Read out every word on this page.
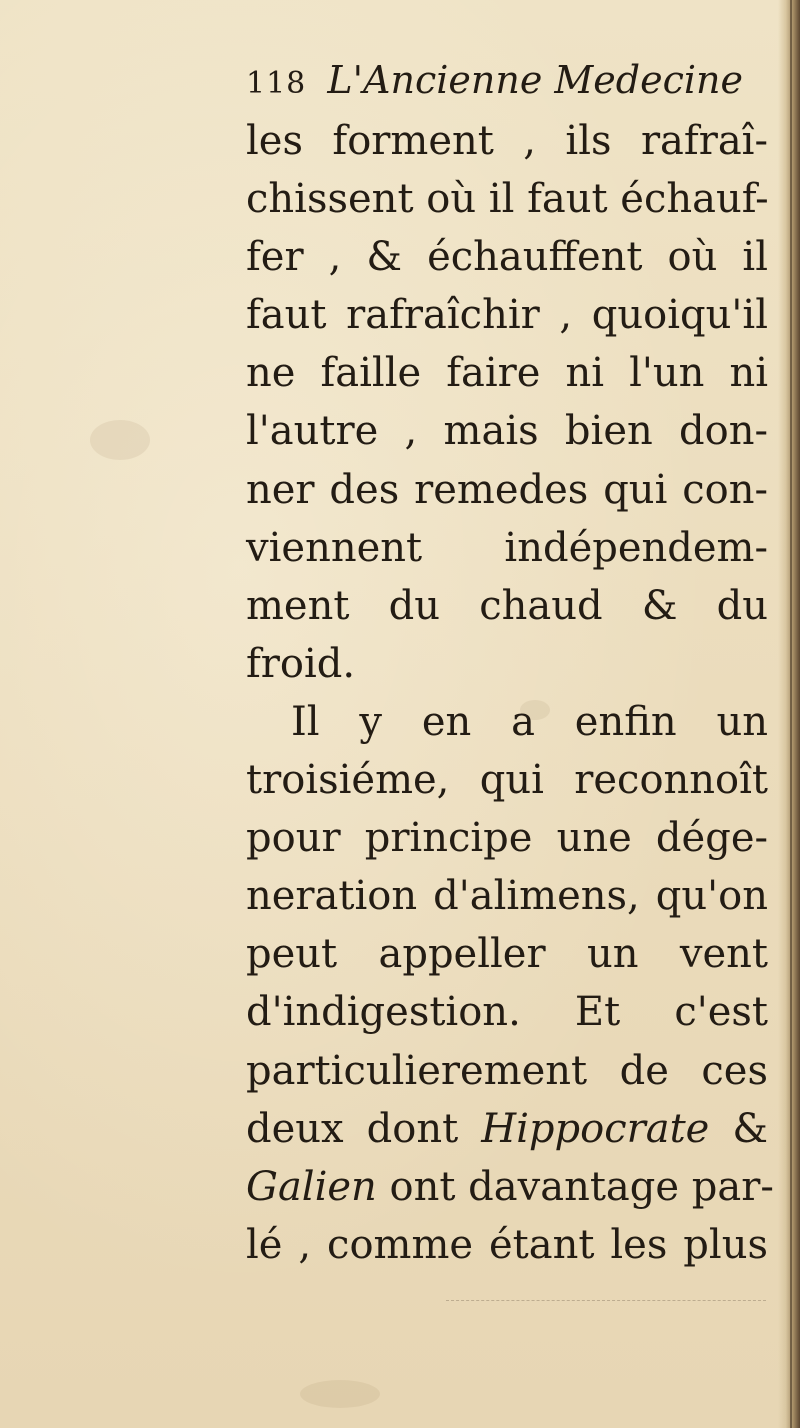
118 L'Ancienne Medecine
les forment , ils rafraî-
chissent où il faut échauf-
fer , & échauffent où il
faut rafraîchir , quoiqu'il
ne faille faire ni l'un ni
l'autre , mais bien don-
ner des remedes qui con-
viennent indépendem-
ment du chaud & du
froid.
Il y en a enfin un
troisiéme, qui reconnoît
pour principe une dége-
neration d'alimens, qu'on
peut appeller un vent
d'indigestion. Et c'est
particulierement de ces
deux dont Hippocrate &
Galien ont davantage par-
lé , comme étant les plus
